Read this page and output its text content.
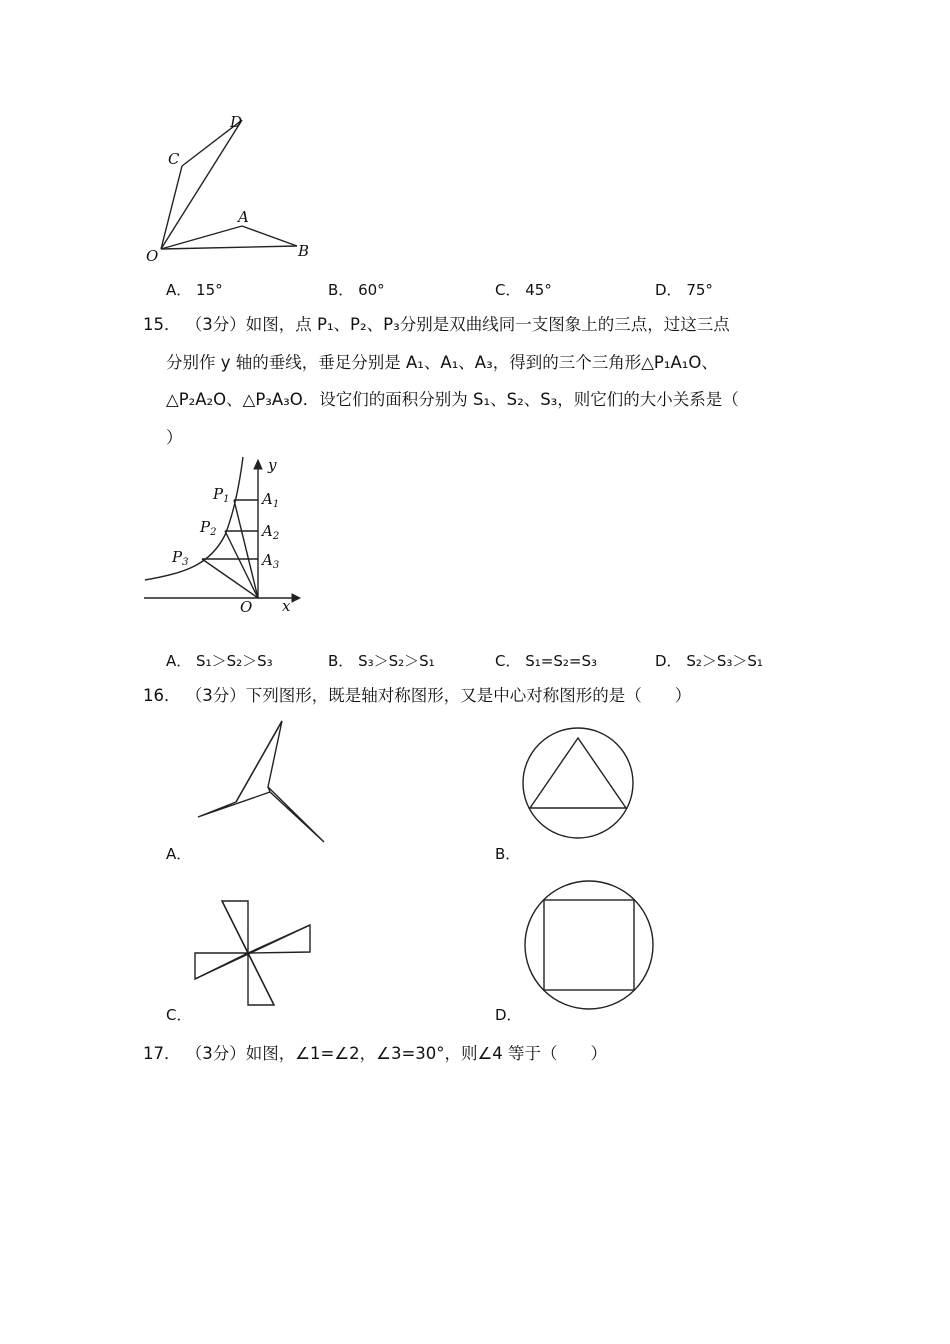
D
C
A
O	B
A． 15°	B． 60°	C． 45°	D． 75°
15． （3分）如图，点 P₁、P₂、P₃分别是双曲线同一支图象上的三点，过这三点
分别作 y 轴的垂线，垂足分别是 A₁、A₁、A₃，得到的三个三角形△P₁A₁O、
△P₂A₂O、△P₃A₃O．设它们的面积分别为 S₁、S₂、S₃，则它们的大小关系是（
）
y
x
O
$P_1$
$P_2$
$P_3$
$A_1$
$A_2$
$A_3$
A． S₁＞S₂＞S₃	B． S₃＞S₂＞S₁	C． S₁=S₂=S₃	D． S₂＞S₃＞S₁
16． （3分）下列图形，既是轴对称图形，又是中心对称图形的是（　　）
A．	B．
C．	D．
17． （3分）如图，∠1=∠2，∠3=30°，则∠4 等于（　　）
